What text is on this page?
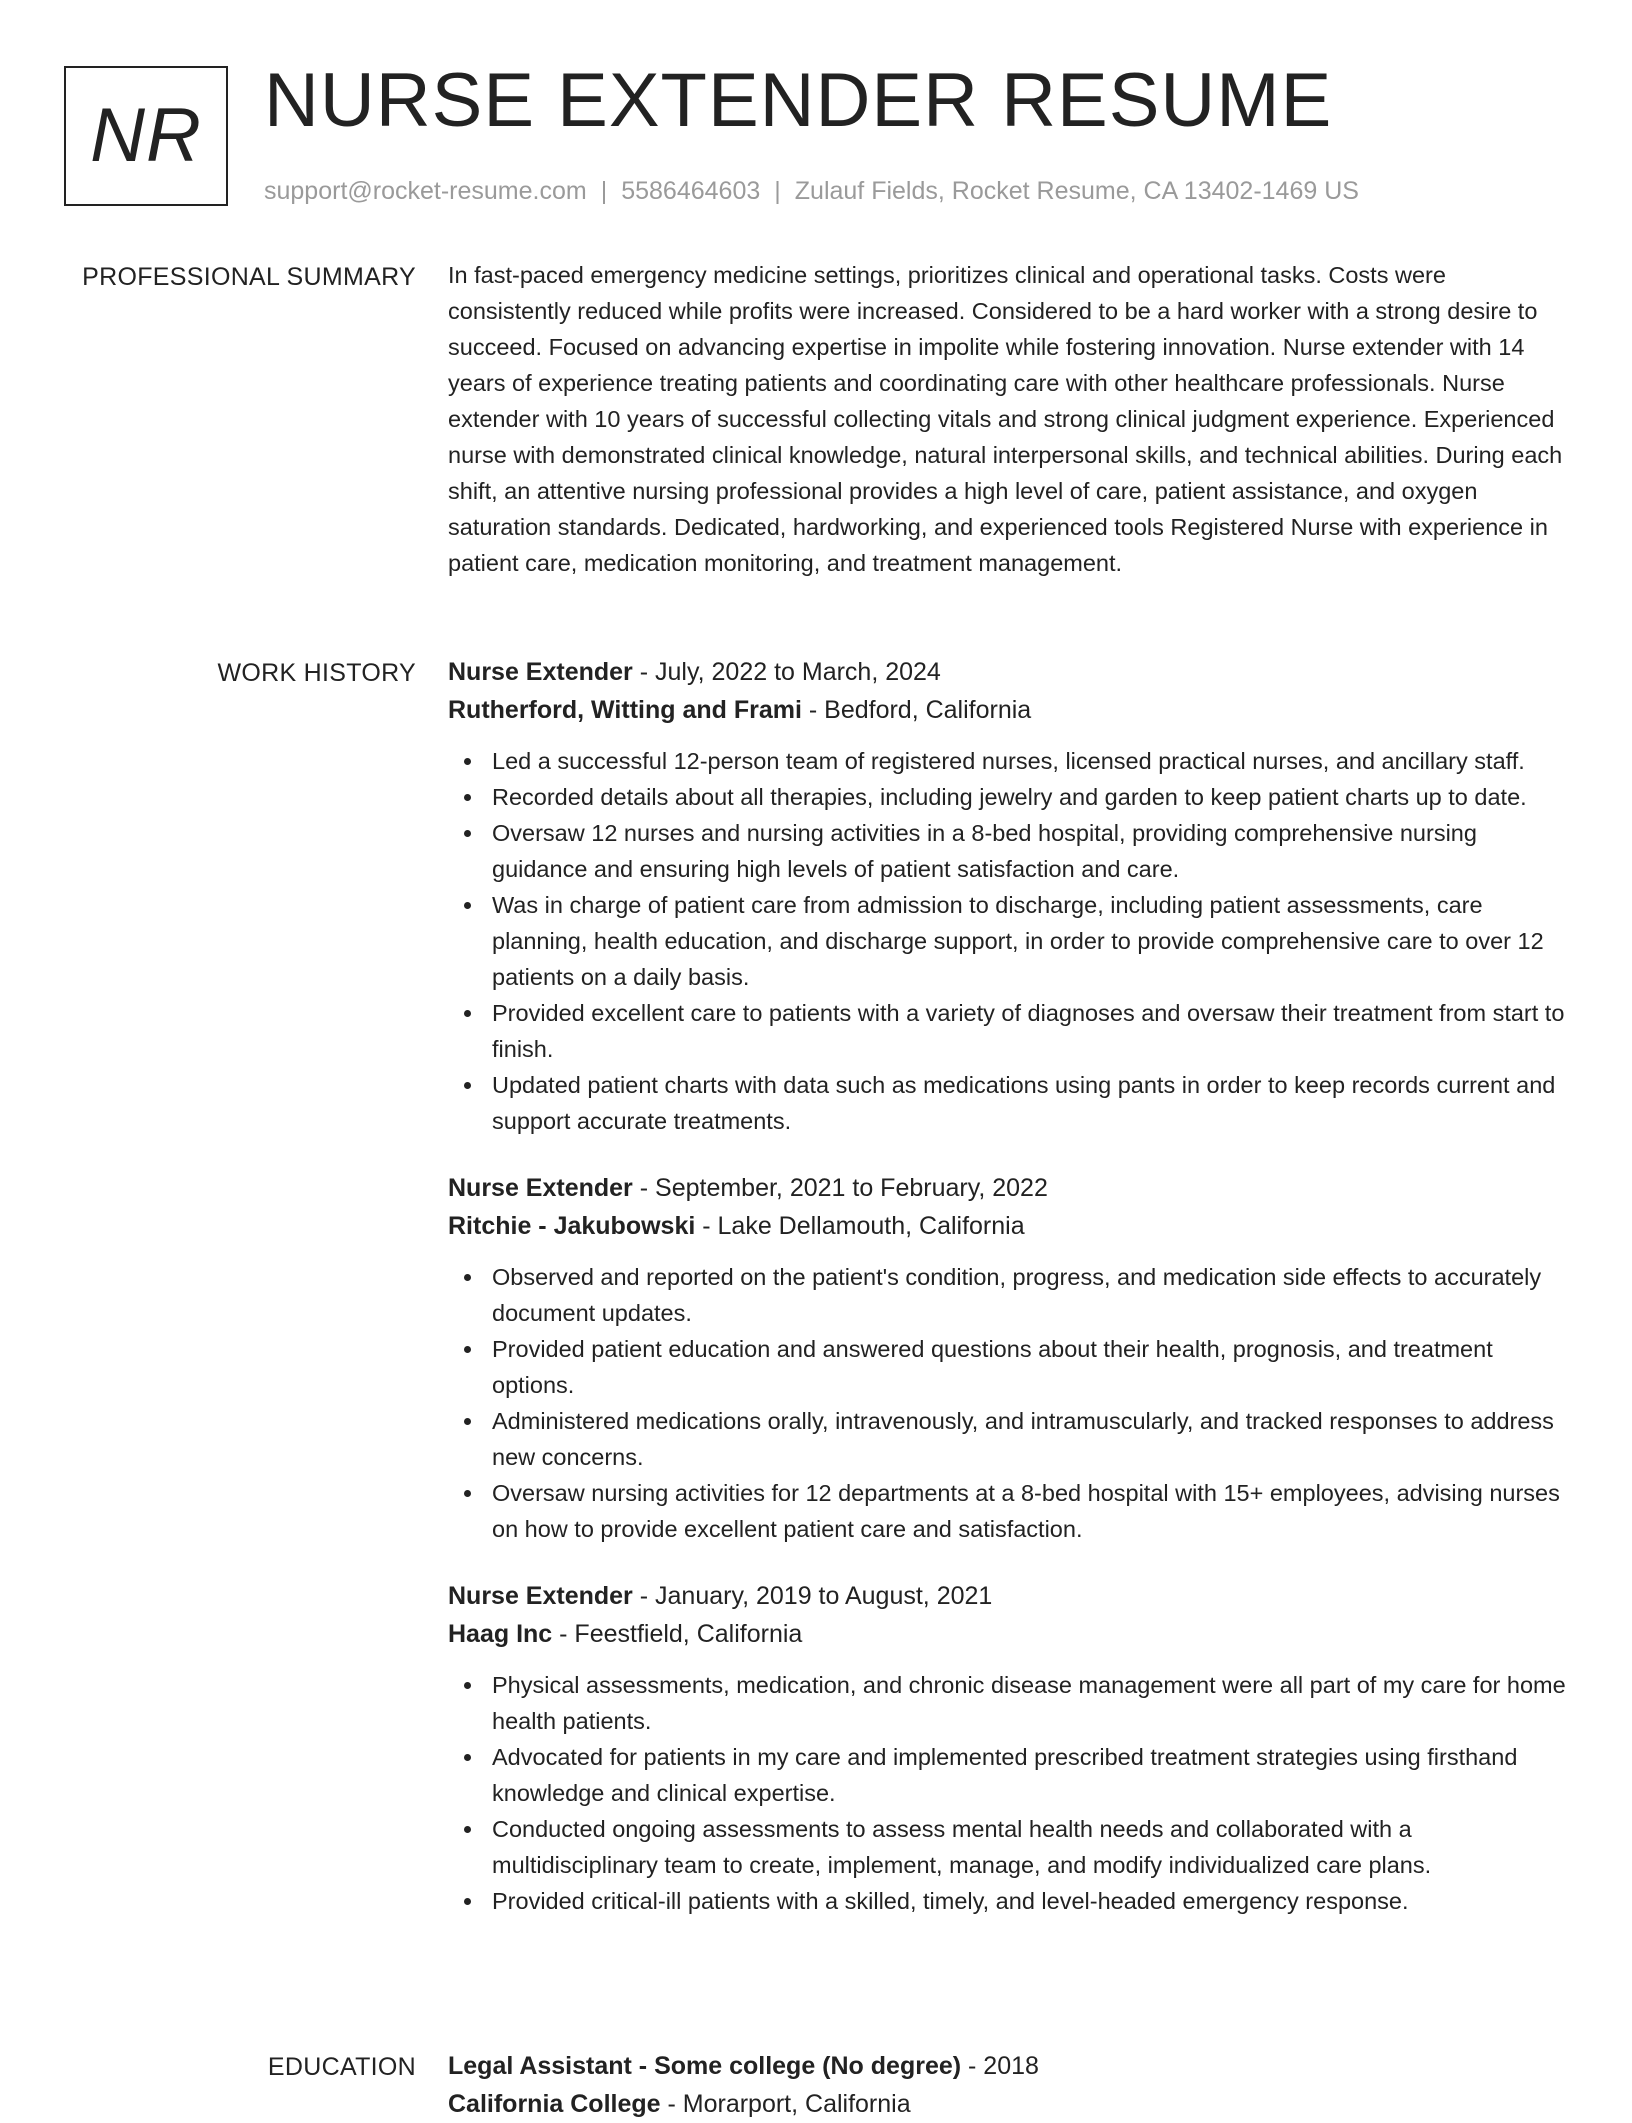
NR NURSE EXTENDER RESUME
support@rocket-resume.com | 5586464603 | Zulauf Fields, Rocket Resume, CA 13402-1469 US
PROFESSIONAL SUMMARY In fast-paced emergency medicine settings, prioritizes clinical and operational tasks. Costs were consistently reduced while profits were increased. Considered to be a hard worker with a strong desire to succeed. Focused on advancing expertise in impolite while fostering innovation. Nurse extender with 14 years of experience treating patients and coordinating care with other healthcare professionals. Nurse extender with 10 years of successful collecting vitals and strong clinical judgment experience. Experienced nurse with demonstrated clinical knowledge, natural interpersonal skills, and technical abilities. During each shift, an attentive nursing professional provides a high level of care, patient assistance, and oxygen saturation standards. Dedicated, hardworking, and experienced tools Registered Nurse with experience in patient care, medication monitoring, and treatment management.

WORK HISTORY Nurse Extender - July, 2022 to March, 2024
Rutherford, Witting and Frami - Bedford, California
Led a successful 12-person team of registered nurses, licensed practical nurses, and ancillary staff.
Recorded details about all therapies, including jewelry and garden to keep patient charts up to date.
Oversaw 12 nurses and nursing activities in a 8-bed hospital, providing comprehensive nursing guidance and ensuring high levels of patient satisfaction and care.
Was in charge of patient care from admission to discharge, including patient assessments, care planning, health education, and discharge support, in order to provide comprehensive care to over 12 patients on a daily basis.
Provided excellent care to patients with a variety of diagnoses and oversaw their treatment from start to finish.
Updated patient charts with data such as medications using pants in order to keep records current and support accurate treatments.
Nurse Extender - September, 2021 to February, 2022
Ritchie - Jakubowski - Lake Dellamouth, California
Observed and reported on the patient's condition, progress, and medication side effects to accurately document updates.
Provided patient education and answered questions about their health, prognosis, and treatment options.
Administered medications orally, intravenously, and intramuscularly, and tracked responses to address new concerns.
Oversaw nursing activities for 12 departments at a 8-bed hospital with 15+ employees, advising nurses on how to provide excellent patient care and satisfaction.
Nurse Extender - January, 2019 to August, 2021
Haag Inc - Feestfield, California
Physical assessments, medication, and chronic disease management were all part of my care for home health patients.
Advocated for patients in my care and implemented prescribed treatment strategies using firsthand knowledge and clinical expertise.
Conducted ongoing assessments to assess mental health needs and collaborated with a multidisciplinary team to create, implement, manage, and modify individualized care plans.
Provided critical-ill patients with a skilled, timely, and level-headed emergency response.
EDUCATION Legal Assistant - Some college (No degree) - 2018
California College - Morarport, California
